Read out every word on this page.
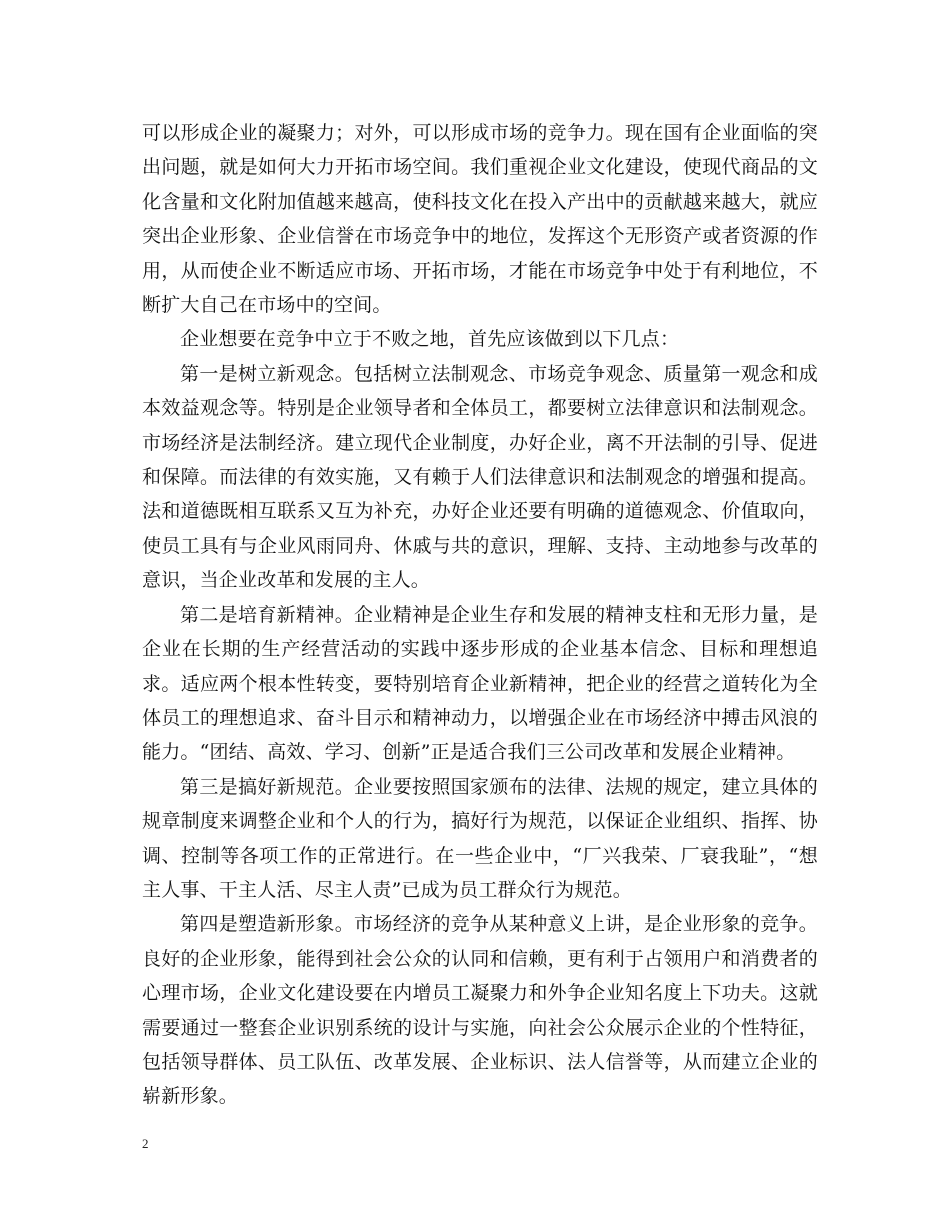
可以形成企业的凝聚力；对外，可以形成市场的竞争力。现在国有企业面临的突出问题，就是如何大力开拓市场空间。我们重视企业文化建设，使现代商品的文化含量和文化附加值越来越高，使科技文化在投入产出中的贡献越来越大，就应突出企业形象、企业信誉在市场竞争中的地位，发挥这个无形资产或者资源的作用，从而使企业不断适应市场、开拓市场，才能在市场竞争中处于有利地位，不断扩大自己在市场中的空间。

企业想要在竞争中立于不败之地，首先应该做到以下几点：

第一是树立新观念。包括树立法制观念、市场竞争观念、质量第一观念和成本效益观念等。特别是企业领导者和全体员工，都要树立法律意识和法制观念。市场经济是法制经济。建立现代企业制度，办好企业，离不开法制的引导、促进和保障。而法律的有效实施，又有赖于人们法律意识和法制观念的增强和提高。法和道德既相互联系又互为补充，办好企业还要有明确的道德观念、价值取向，使员工具有与企业风雨同舟、休戚与共的意识，理解、支持、主动地参与改革的意识，当企业改革和发展的主人。

第二是培育新精神。企业精神是企业生存和发展的精神支柱和无形力量，是企业在长期的生产经营活动的实践中逐步形成的企业基本信念、目标和理想追求。适应两个根本性转变，要特别培育企业新精神，把企业的经营之道转化为全体员工的理想追求、奋斗目示和精神动力，以增强企业在市场经济中搏击风浪的能力。“团结、高效、学习、创新”正是适合我们三公司改革和发展企业精神。

第三是搞好新规范。企业要按照国家颁布的法律、法规的规定，建立具体的规章制度来调整企业和个人的行为，搞好行为规范，以保证企业组织、指挥、协调、控制等各项工作的正常进行。在一些企业中，“厂兴我荣、厂衰我耻”，“想主人事、干主人活、尽主人责”已成为员工群众行为规范。

第四是塑造新形象。市场经济的竞争从某种意义上讲，是企业形象的竞争。良好的企业形象，能得到社会公众的认同和信赖，更有利于占领用户和消费者的心理市场，企业文化建设要在内增员工凝聚力和外争企业知名度上下功夫。这就需要通过一整套企业识别系统的设计与实施，向社会公众展示企业的个性特征，包括领导群体、员工队伍、改革发展、企业标识、法人信誉等，从而建立企业的崭新形象。

2
